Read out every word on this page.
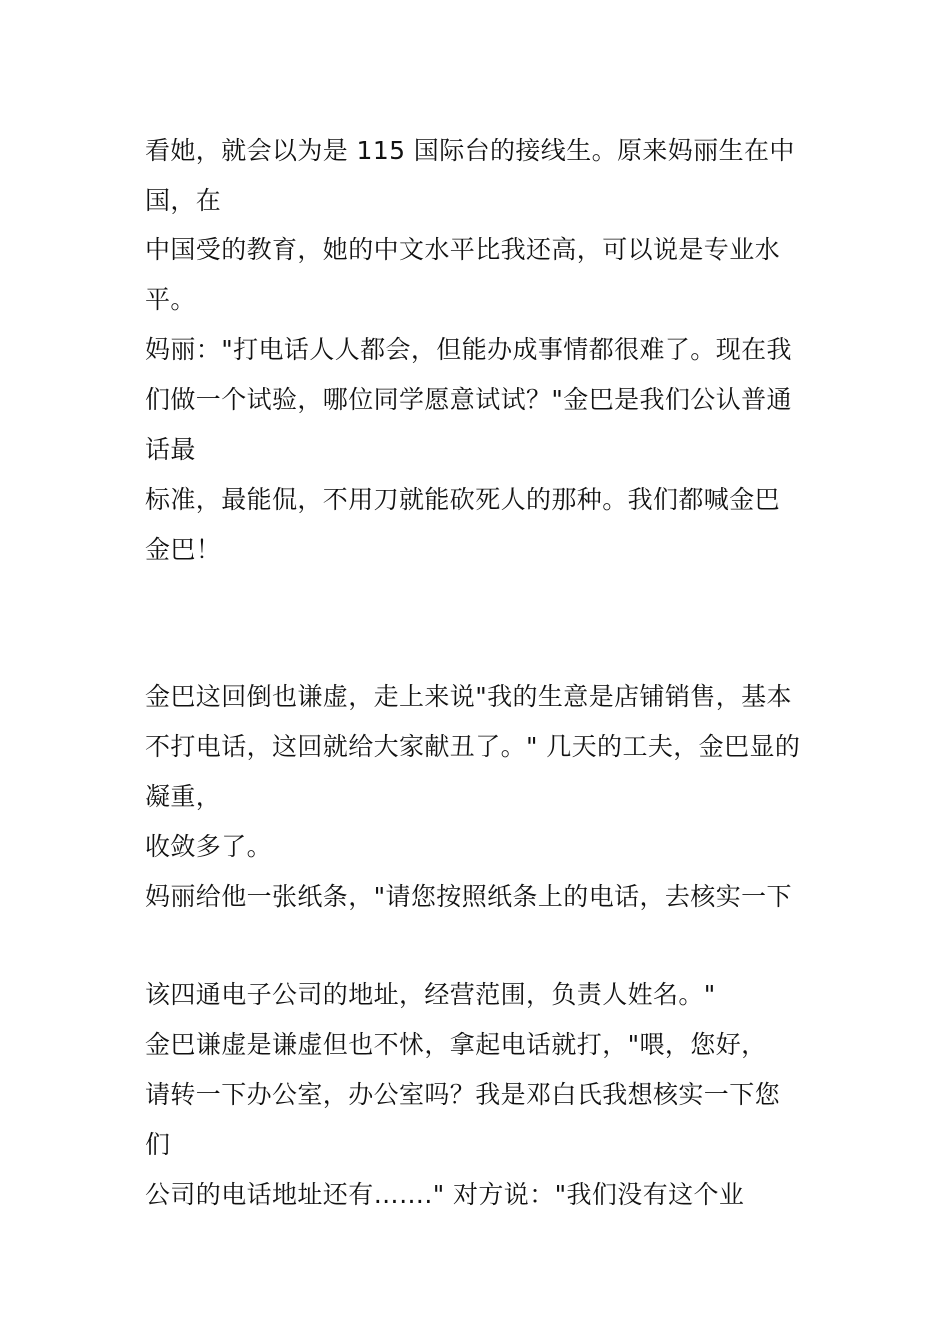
看她，就会以为是 115 国际台的接线生。原来妈丽生在中
国，在
中国受的教育，她的中文水平比我还高，可以说是专业水
平。
妈丽："打电话人人都会，但能办成事情都很难了。现在我
们做一个试验，哪位同学愿意试试？"金巴是我们公认普通
话最
标准，最能侃，不用刀就能砍死人的那种。我们都喊金巴
金巴！
金巴这回倒也谦虚，走上来说"我的生意是店铺销售，基本
不打电话，这回就给大家献丑了。" 几天的工夫，金巴显的
凝重，
收敛多了。
妈丽给他一张纸条，"请您按照纸条上的电话，去核实一下
该四通电子公司的地址，经营范围，负责人姓名。"
金巴谦虚是谦虚但也不怵，拿起电话就打，"喂，您好，
请转一下办公室，办公室吗？我是邓白氏我想核实一下您
们
公司的电话地址还有……." 对方说："我们没有这个业
